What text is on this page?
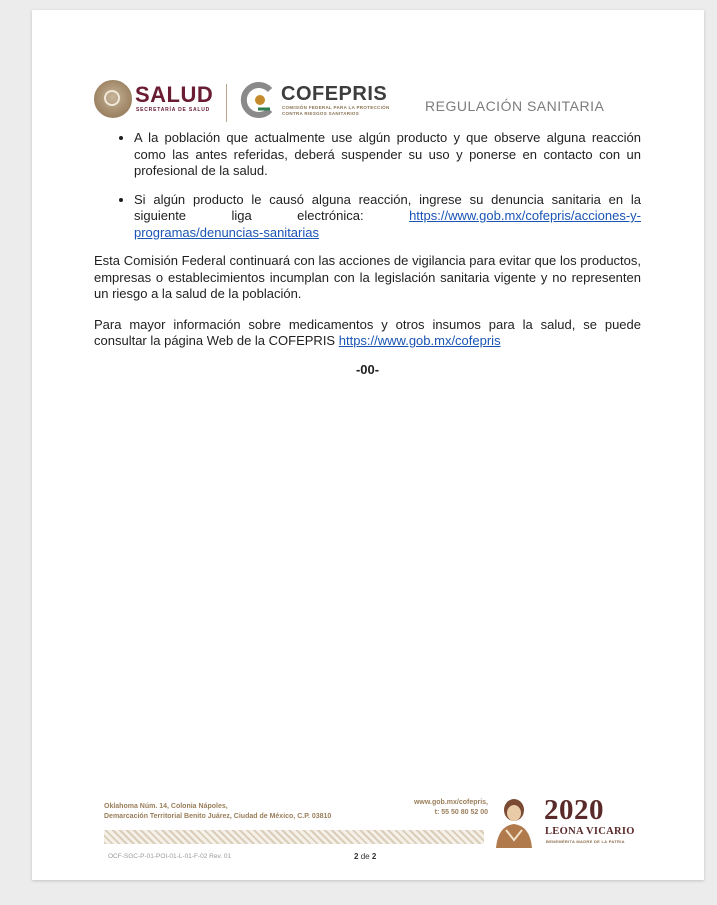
SALUD
SECRETARÍA DE SALUD
COFEPRIS
COMISIÓN FEDERAL PARA LA PROTECCIÓN CONTRA RIESGOS SANITARIOS	REGULACIÓN SANITARIA
• A la población que actualmente use algún producto y que observe alguna reacción como las antes referidas, deberá suspender su uso y ponerse en contacto con un profesional de la salud.
• Si algún producto le causó alguna reacción, ingrese su denuncia sanitaria en la siguiente liga electrónica:	https://www.gob.mx/cofepris/acciones-y-programas/denuncias-sanitarias

Esta Comisión Federal continuará con las acciones de vigilancia para evitar que los productos, empresas o establecimientos incumplan con la legislación sanitaria vigente y no representen un riesgo a la salud de la población.

Para mayor información sobre medicamentos y otros insumos para la salud, se puede consultar la página Web de la COFEPRIS https://www.gob.mx/cofepris

-00-
Oklahoma Núm. 14, Colonia Nápoles,
Demarcación Territorial Benito Juárez, Ciudad de México, C.P. 03810
www.gob.mx/cofepris,
t: 55 50 80 52 00
OCF-SGC-P-01-POI-01-L-01-F-02 Rev. 01	2 de 2
2020
LEONA VICARIO
BENEMÉRITA MADRE DE LA PATRIA
